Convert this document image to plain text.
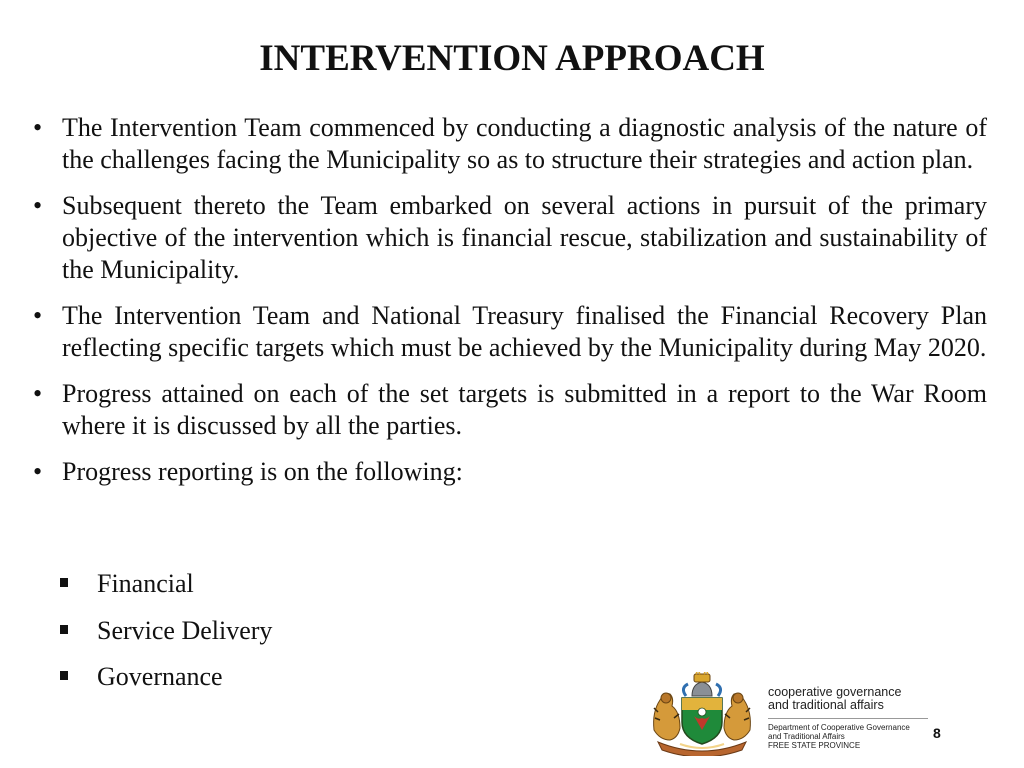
INTERVENTION APPROACH
• The Intervention Team commenced by conducting a diagnostic analysis of the nature of the challenges facing the Municipality so as to structure their strategies and action plan.
• Subsequent thereto the Team embarked on several actions in pursuit of the primary objective of the intervention which is financial rescue, stabilization and sustainability of the Municipality.
• The Intervention Team and National Treasury finalised the Financial Recovery Plan reflecting specific targets which must be achieved by the Municipality during May 2020.
• Progress attained on each of the set targets is submitted in a report to the War Room where it is discussed by all the parties.
• Progress reporting is on the following:
Financial
Service Delivery
Governance
cooperative governance
and traditional affairs
Department of Cooperative Governance
and Traditional Affairs
FREE STATE PROVINCE
8
